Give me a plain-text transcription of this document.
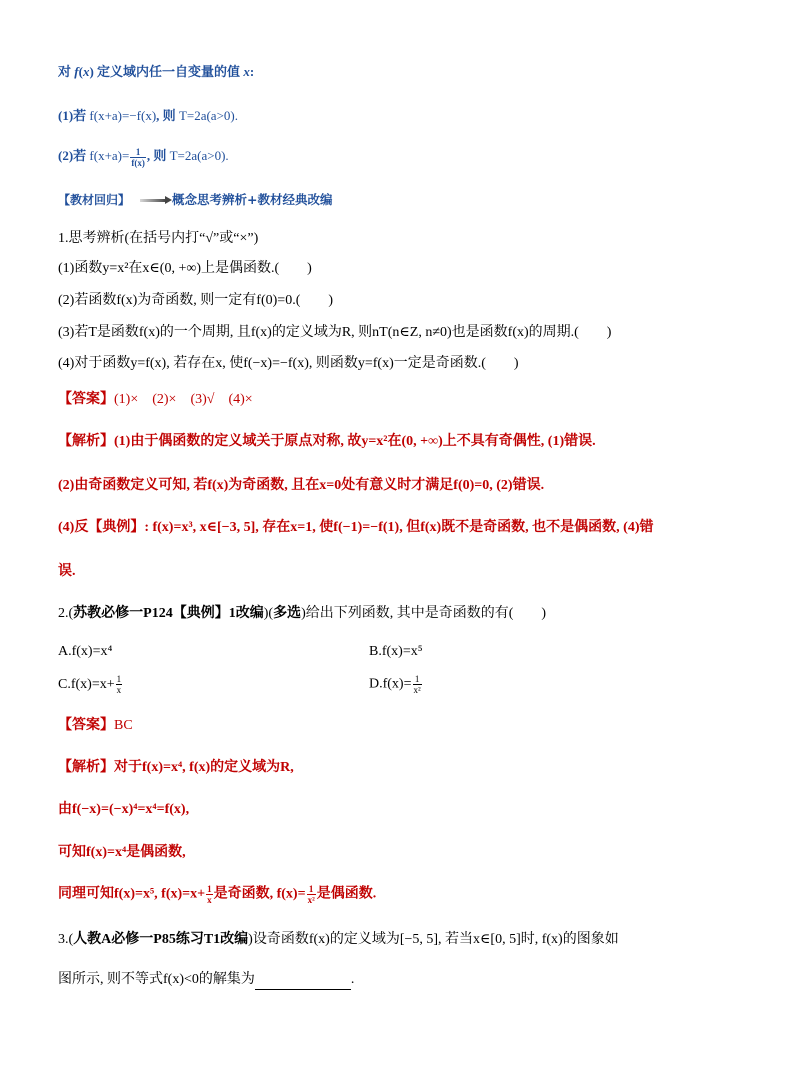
对 f(x) 定义域内任一自变量的值 x:
(1)若 f(x+a)=−f(x), 则 T=2a(a>0).
(2)若 $f(x+a)= \frac{1}{f(x)}$ , 则 T=2a(a>0).
【教材回归】	概念思考辨析+教材经典改编
1.思考辨析(在括号内打“√”或“×”)
(1)函数y=x²在x∈(0, +∞)上是偶函数.(　　)
(2)若函数f(x)为奇函数, 则一定有f(0)=0.(　　)
(3)若T是函数f(x)的一个周期, 且f(x)的定义域为R, 则nT(n∈Z, n≠0)也是函数f(x)的周期.(　　)
(4)对于函数y=f(x), 若存在x, 使f(−x)=−f(x), 则函数y=f(x)一定是奇函数.(　　)
【答案】(1)×　(2)×　(3)√　(4)×
【解析】(1)由于偶函数的定义域关于原点对称, 故y=x²在(0, +∞)上不具有奇偶性, (1)错误.
(2)由奇函数定义可知, 若f(x)为奇函数, 且在x=0处有意义时才满足f(0)=0, (2)错误.
(4)反【典例】: f(x)=x³, x∈[−3, 5], 存在x=1, 使f(−1)=−f(1), 但f(x)既不是奇函数, 也不是偶函数, (4)错
误.
2.(苏教必修一P124【典例】1改编)(多选)给出下列函数, 其中是奇函数的有(　　)
A.f(x)=x⁴	B.f(x)=x⁵
$C.f(x)=x+ \frac{1}{x}$	$D.f(x)= \frac{1}{\text{x²}}$
【答案】BC
【解析】对于f(x)=x⁴, f(x)的定义域为R,
由f(−x)=(−x)⁴=x⁴=f(x),
可知f(x)=x⁴是偶函数,
同理可知f(x)=x⁵, $f(x)=x+ \frac{1}{x}$ 是奇函数, $f(x)= \frac{1}{\text{x²}}$ 是偶函数.
3.(人教A必修一P85练习T1改编)设奇函数f(x)的定义域为[−5, 5], 若当x∈[0, 5]时, f(x)的图象如
图所示, 则不等式f(x)<0的解集为	.
